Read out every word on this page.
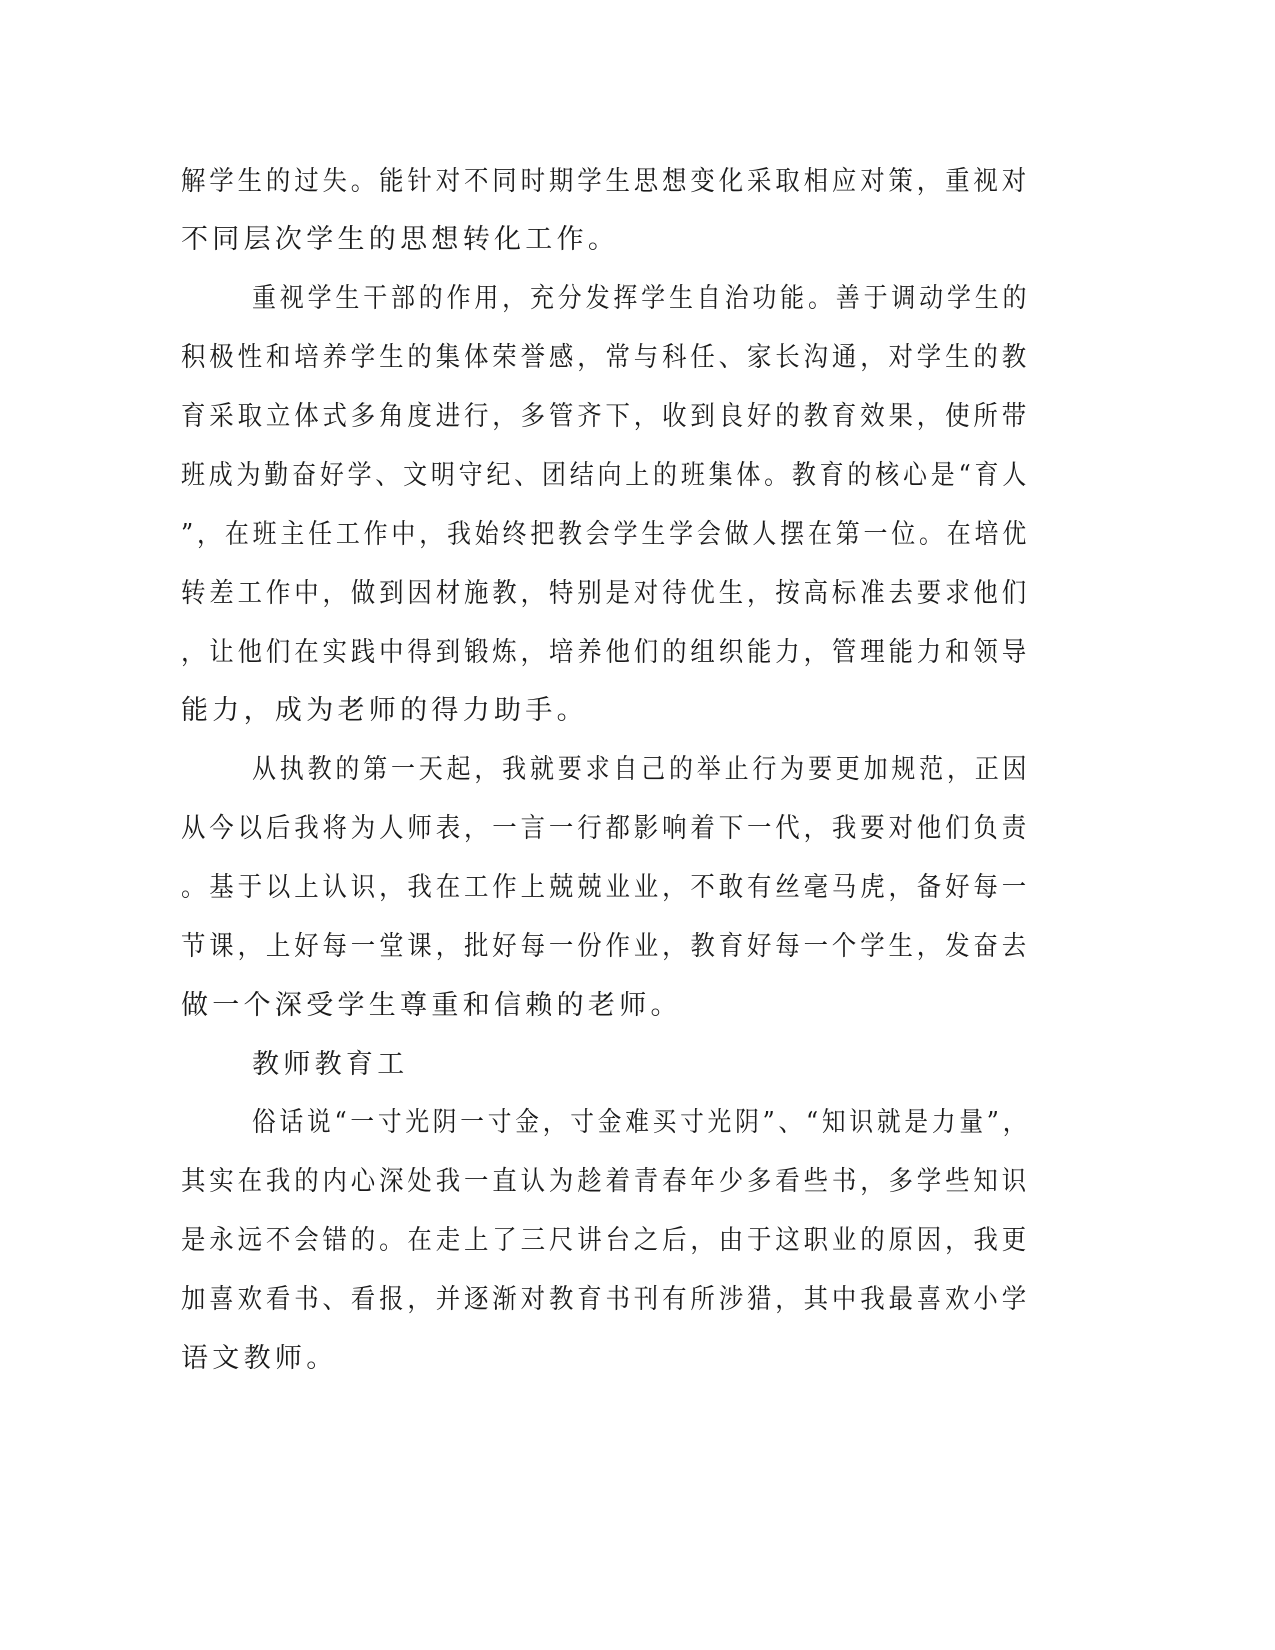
解学生的过失。能针对不同时期学生思想变化采取相应对策，重视对
不同层次学生的思想转化工作。
重视学生干部的作用，充分发挥学生自治功能。善于调动学生的
积极性和培养学生的集体荣誉感，常与科任、家长沟通，对学生的教
育采取立体式多角度进行，多管齐下，收到良好的教育效果，使所带
班成为勤奋好学、文明守纪、团结向上的班集体。教育的核心是“育人
”，在班主任工作中，我始终把教会学生学会做人摆在第一位。在培优
转差工作中，做到因材施教，特别是对待优生，按高标准去要求他们
，让他们在实践中得到锻炼，培养他们的组织能力，管理能力和领导
能力，成为老师的得力助手。
从执教的第一天起，我就要求自己的举止行为要更加规范，正因
从今以后我将为人师表，一言一行都影响着下一代，我要对他们负责
。基于以上认识，我在工作上兢兢业业，不敢有丝毫马虎，备好每一
节课，上好每一堂课，批好每一份作业，教育好每一个学生，发奋去
做一个深受学生尊重和信赖的老师。
教师教育工
俗话说“一寸光阴一寸金，寸金难买寸光阴”、“知识就是力量”，
其实在我的内心深处我一直认为趁着青春年少多看些书，多学些知识
是永远不会错的。在走上了三尺讲台之后，由于这职业的原因，我更
加喜欢看书、看报，并逐渐对教育书刊有所涉猎，其中我最喜欢小学
语文教师。
